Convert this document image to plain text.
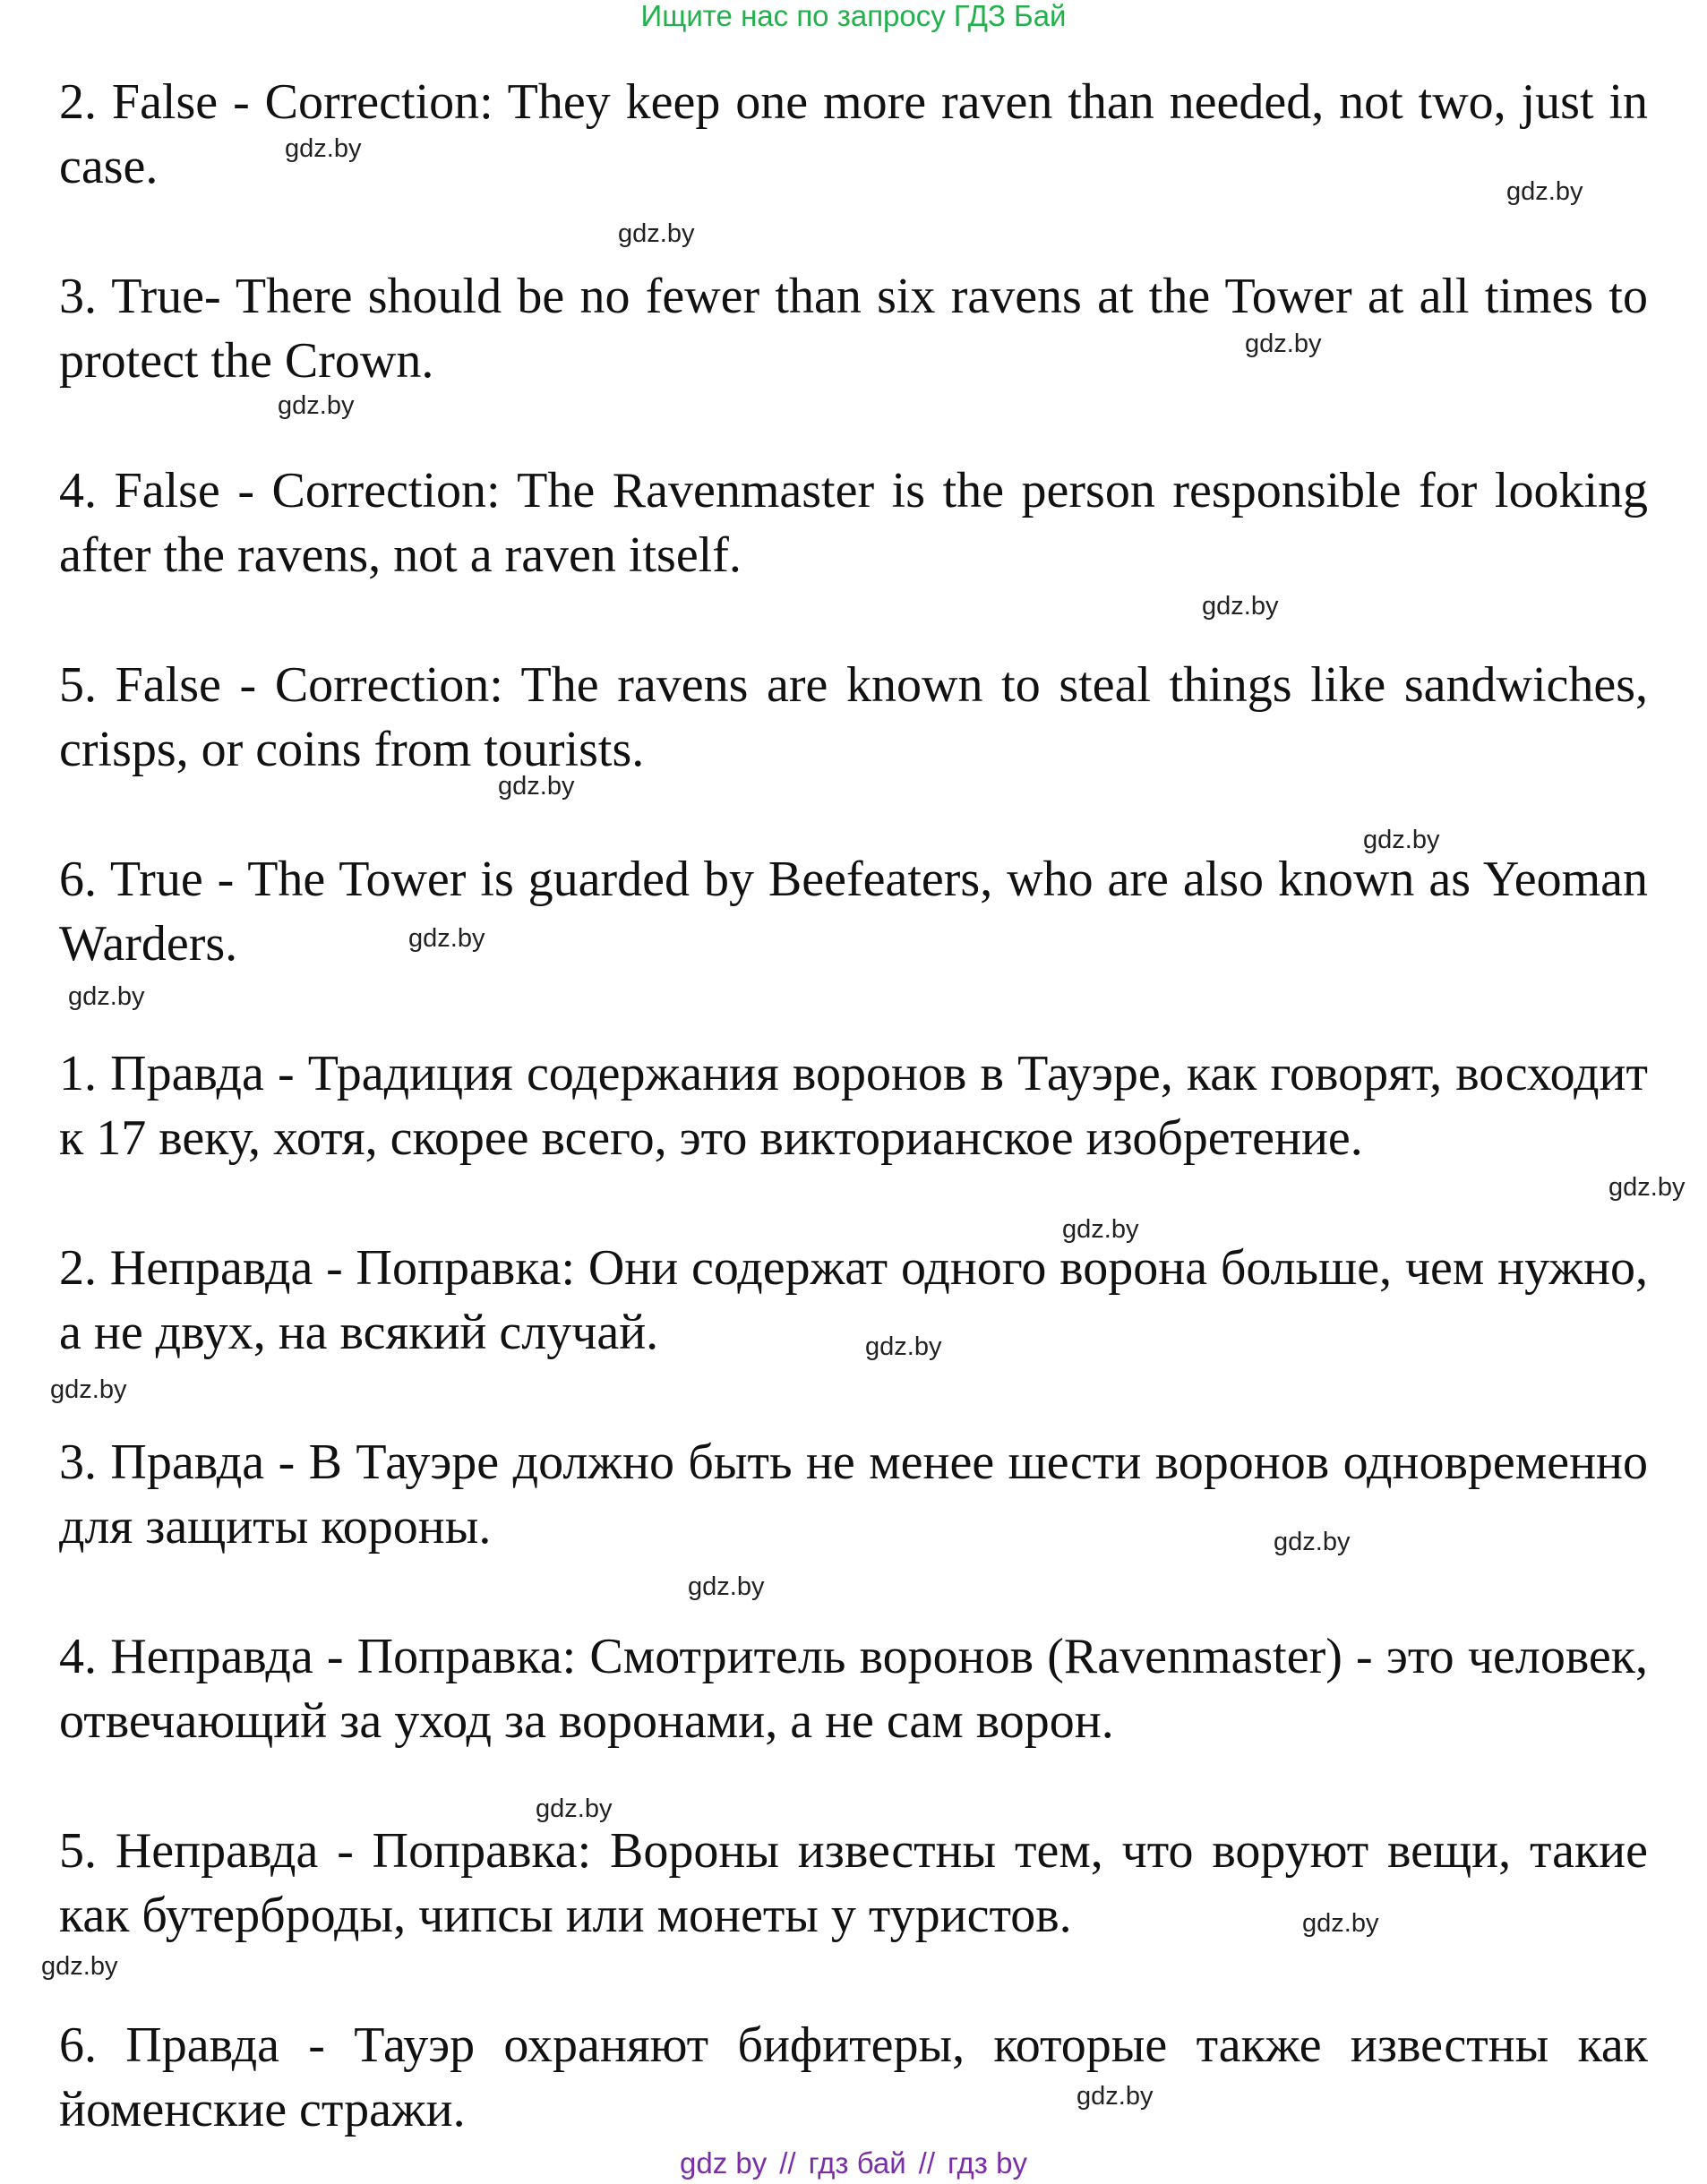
Ищите нас по запросу ГДЗ Бай

2. False - Correction: They keep one more raven than needed, not two, just in case.

3. True- There should be no fewer than six ravens at the Tower at all times to protect the Crown.

4. False - Correction: The Ravenmaster is the person responsible for looking after the ravens, not a raven itself.

5. False - Correction: The ravens are known to steal things like sandwiches, crisps, or coins from tourists.

6. True - The Tower is guarded by Beefeaters, who are also known as Yeoman Warders.

1. Правда - Традиция содержания воронов в Тауэре, как говорят, восходит к 17 веку, хотя, скорее всего, это викторианское изобретение.

2. Неправда - Поправка: Они содержат одного ворона больше, чем нужно, а не двух, на всякий случай.

3. Правда - В Тауэре должно быть не менее шести воронов одновременно для защиты короны.

4. Неправда - Поправка: Смотритель воронов (Ravenmaster) - это человек, отвечающий за уход за воронами, а не сам ворон.

5. Неправда - Поправка: Вороны известны тем, что воруют вещи, такие как бутерброды, чипсы или монеты у туристов.

6. Правда - Тауэр охраняют бифитеры, которые также известны как йоменские стражи.

gdz.by
gdz.by
gdz.by
gdz.by
gdz.by
gdz.by
gdz.by
gdz.by
gdz.by
gdz.by
gdz.by
gdz.by
gdz.by
gdz.by
gdz.by
gdz.by
gdz.by
gdz.by
gdz.by
gdz.by
gdz by // гдз бай // гдз by
